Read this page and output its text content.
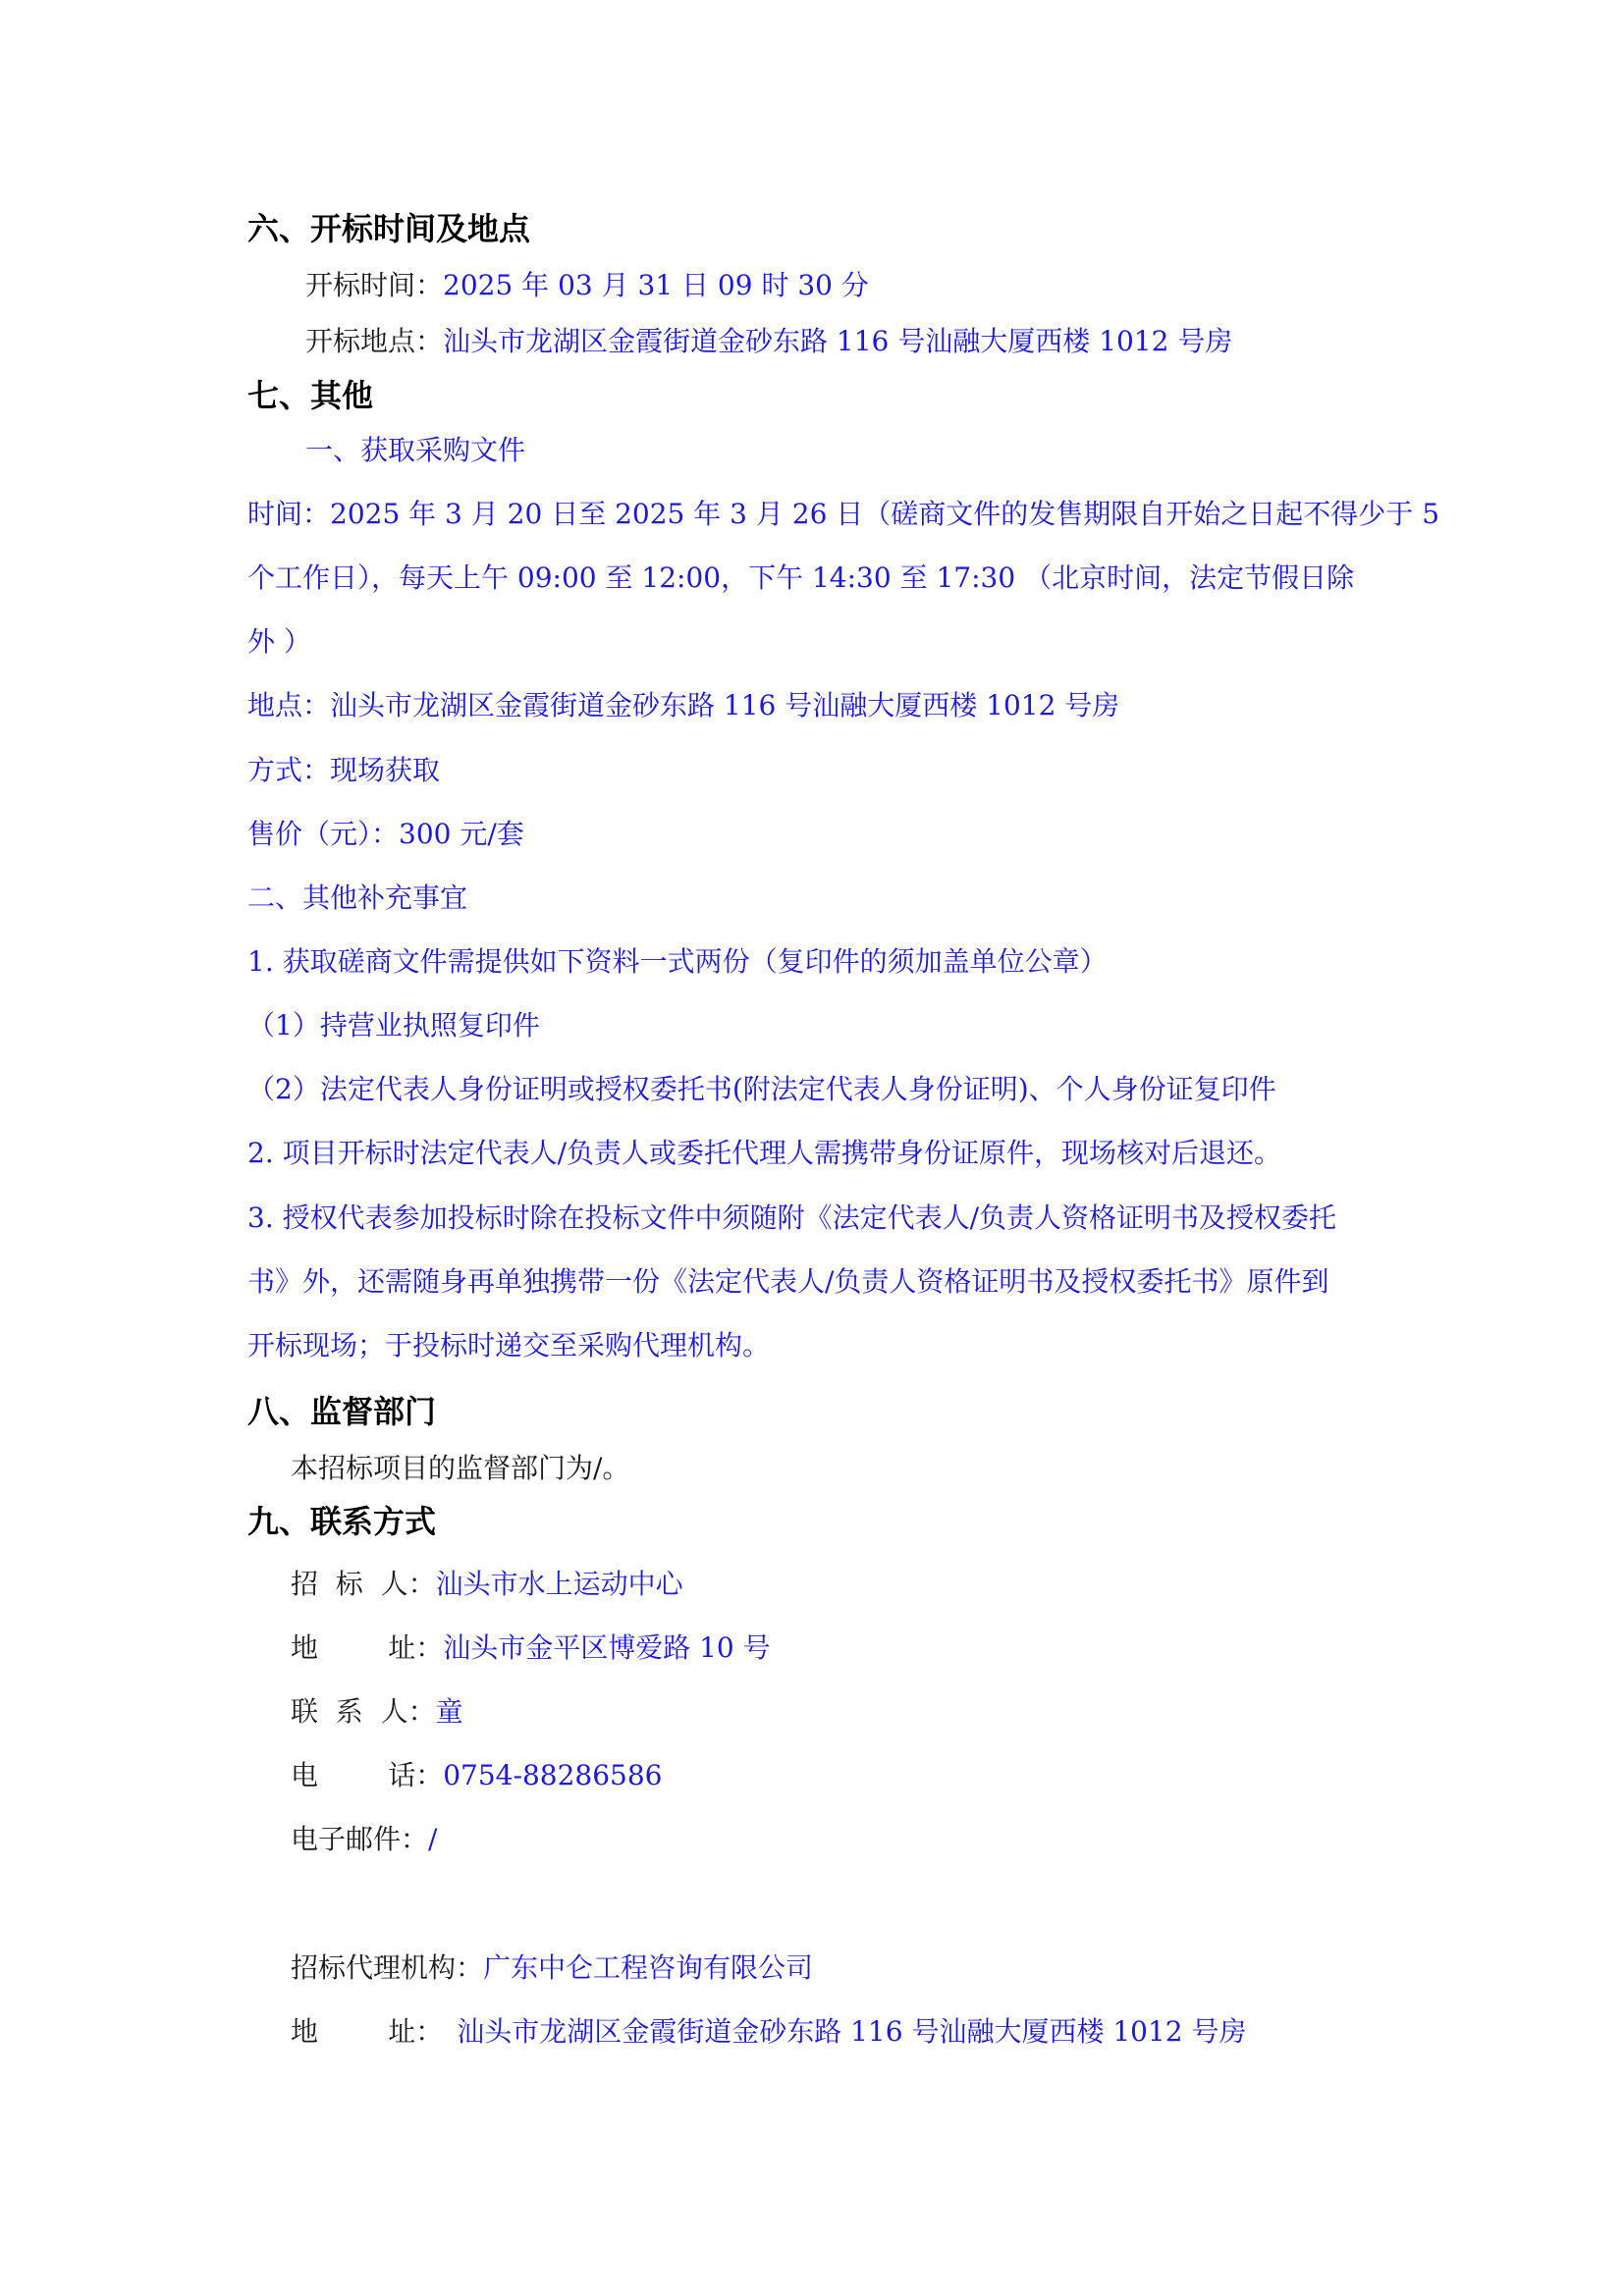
六、开标时间及地点
开标时间：2025 年 03 月 31 日 09 时 30 分
开标地点：汕头市龙湖区金霞街道金砂东路 116 号汕融大厦西楼 1012 号房
七、其他
一、获取采购文件
时间：2025 年 3 月 20 日至 2025 年 3 月 26 日（磋商文件的发售期限自开始之日起不得少于 5
个工作日），每天上午 09:00 至 12:00，下午 14:30 至 17:30 （北京时间，法定节假日除
外 ）
地点：汕头市龙湖区金霞街道金砂东路 116 号汕融大厦西楼 1012 号房
方式：现场获取
售价（元）：300 元/套
二、其他补充事宜
1. 获取磋商文件需提供如下资料一式两份（复印件的须加盖单位公章）
（1）持营业执照复印件
（2）法定代表人身份证明或授权委托书(附法定代表人身份证明)、个人身份证复印件
2. 项目开标时法定代表人/负责人或委托代理人需携带身份证原件，现场核对后退还。
3. 授权代表参加投标时除在投标文件中须随附《法定代表人/负责人资格证明书及授权委托
书》外，还需随身再单独携带一份《法定代表人/负责人资格证明书及授权委托书》原件到
开标现场；于投标时递交至采购代理机构。
八、监督部门
本招标项目的监督部门为/。
九、联系方式
招  标  人：汕头市水上运动中心
地        址：汕头市金平区博爱路 10 号
联  系  人：童
电        话：0754-88286586
电子邮件：/
招标代理机构：广东中仑工程咨询有限公司
地        址： 汕头市龙湖区金霞街道金砂东路 116 号汕融大厦西楼 1012 号房
